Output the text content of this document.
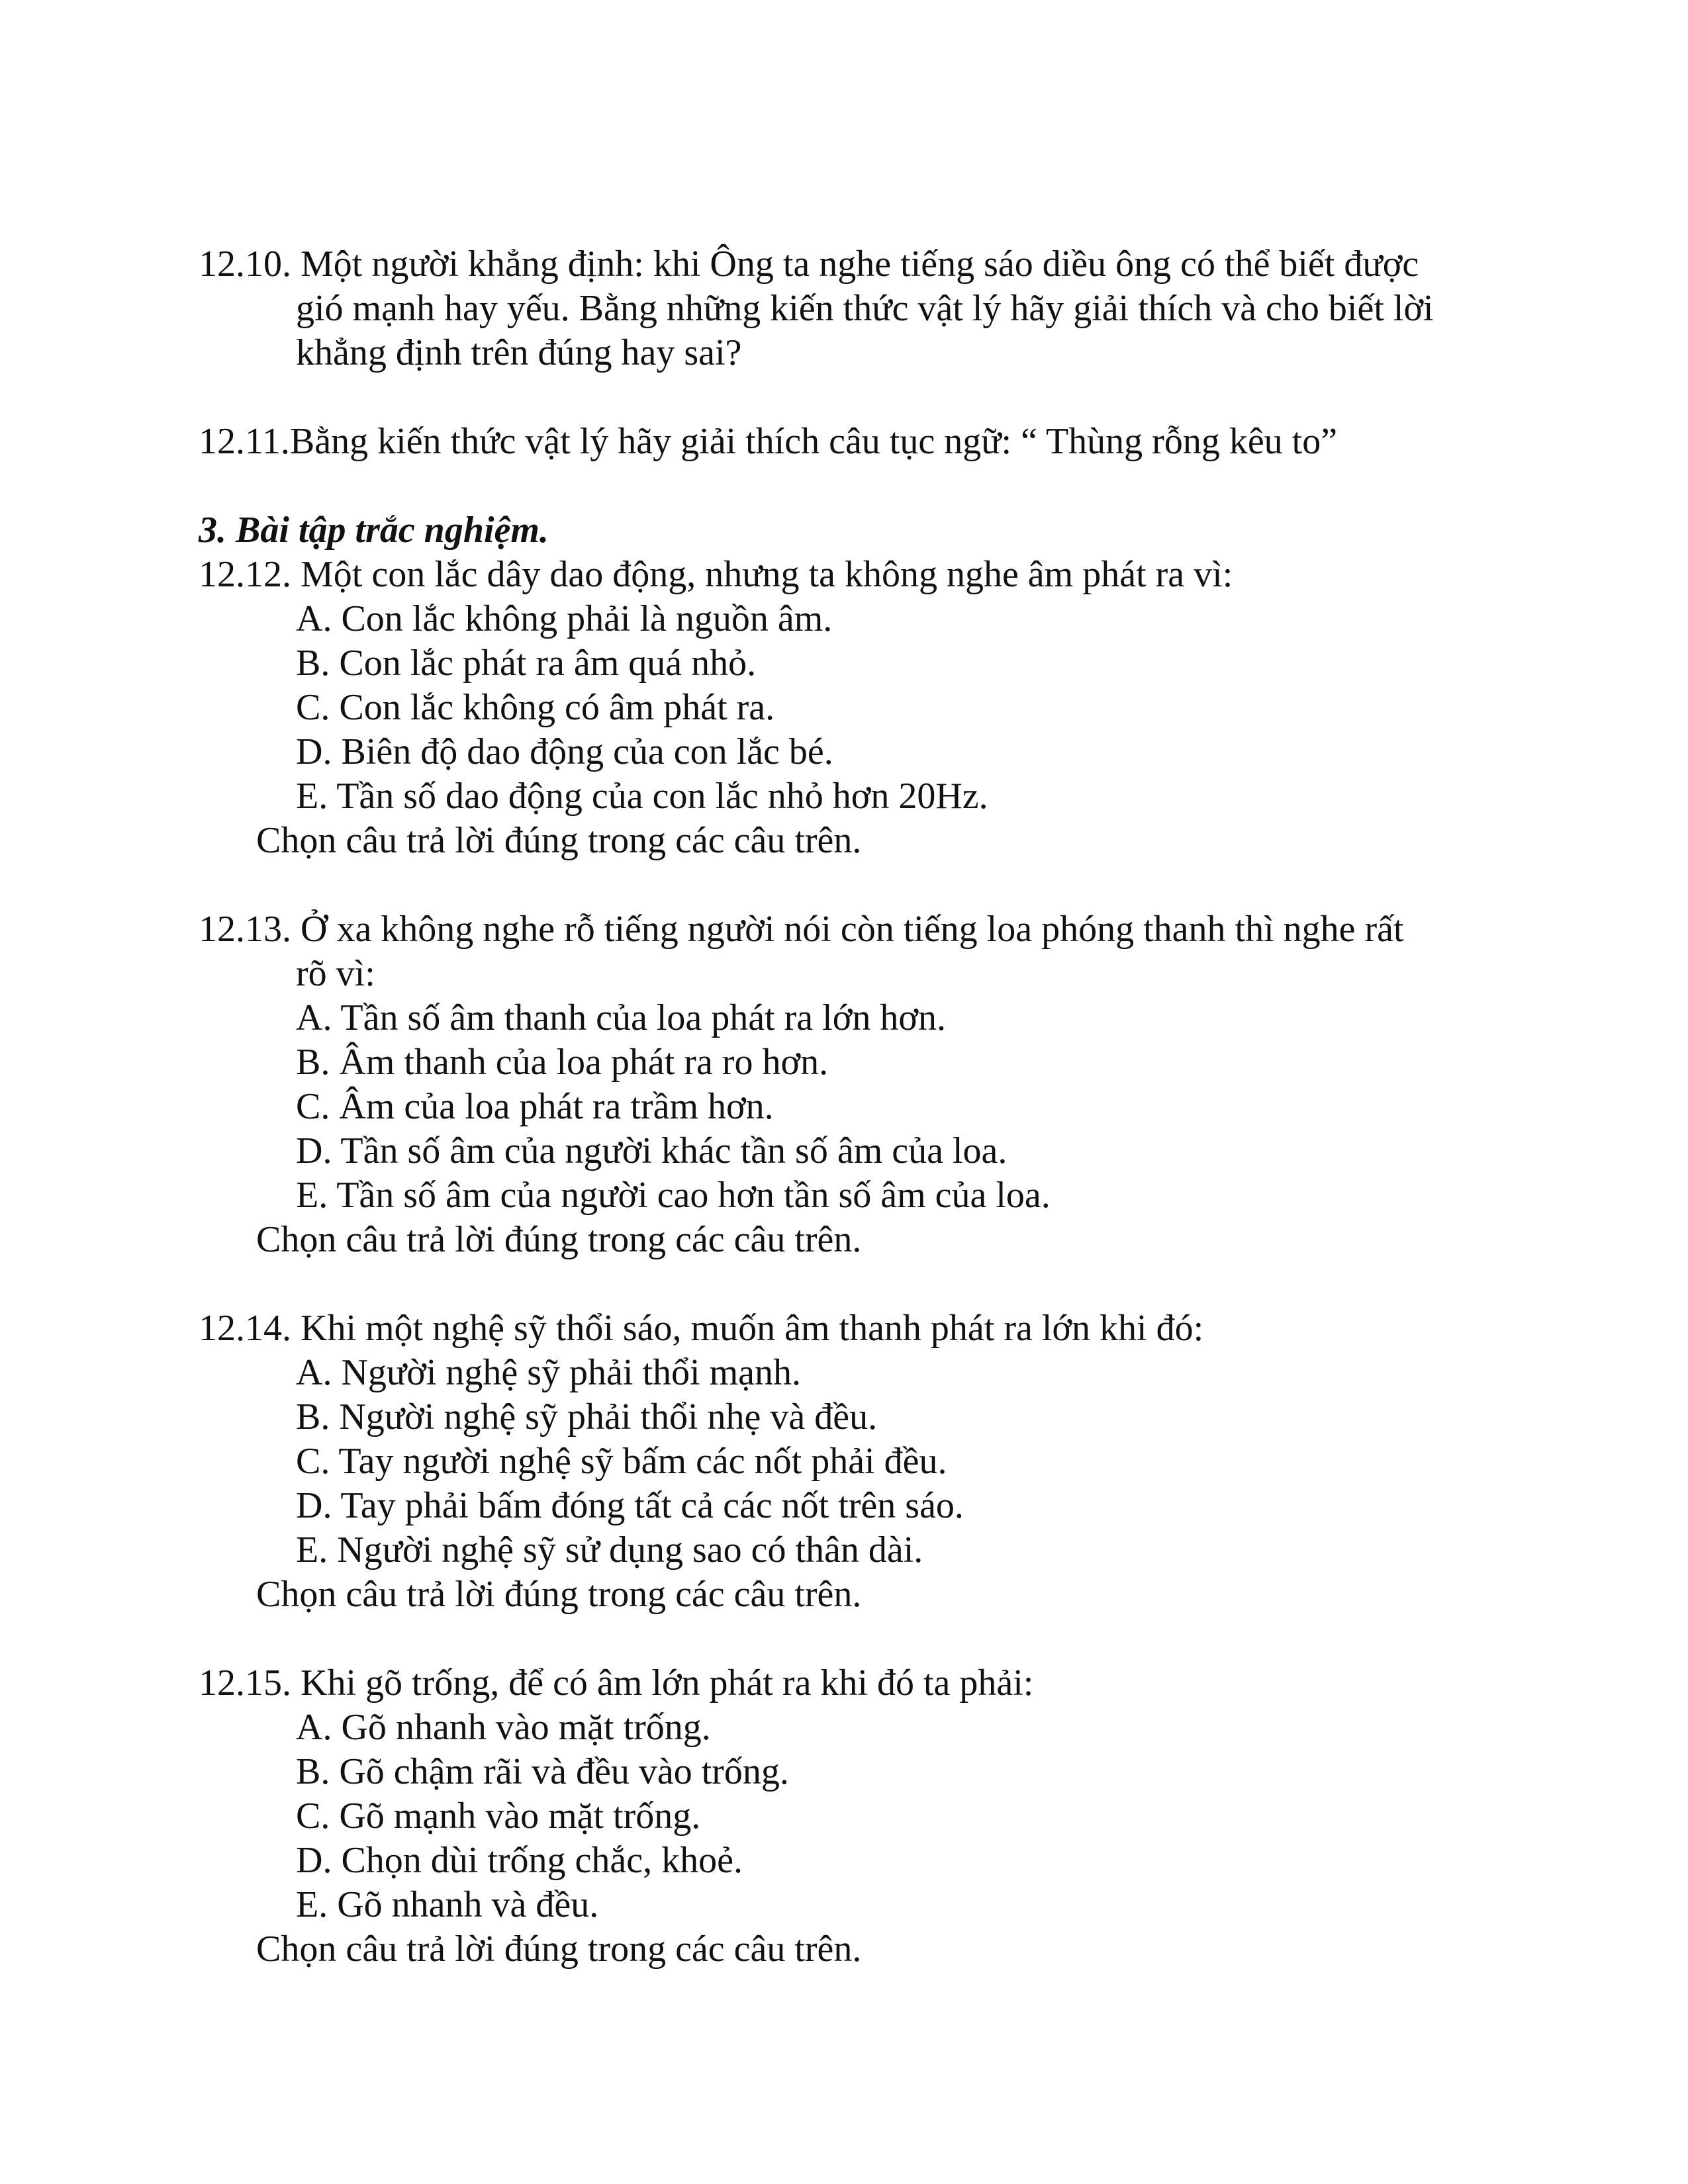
12.10. Một người khẳng định: khi Ông ta nghe tiếng sáo diều ông có thể biết được
gió mạnh hay yếu. Bằng những kiến thức vật lý hãy giải thích và cho biết lời
khẳng định trên đúng hay sai?
12.11.Bằng kiến thức vật lý hãy giải thích câu tục ngữ: “ Thùng rỗng kêu to”
3. Bài tập trắc nghiệm.
12.12. Một con lắc dây dao động, nhưng ta không nghe âm phát ra vì:
A. Con lắc không phải là nguồn âm.
B. Con lắc phát ra âm quá nhỏ.
C. Con lắc không có âm phát ra.
D. Biên độ dao động của con lắc bé.
E. Tần số dao động của con lắc nhỏ hơn 20Hz.
Chọn câu trả lời đúng trong các câu trên.
12.13. Ở xa không nghe rỗ tiếng người nói còn tiếng loa phóng thanh thì nghe rất
rõ vì:
A. Tần số âm thanh của loa phát ra lớn hơn.
B. Âm thanh của loa phát ra ro hơn.
C. Âm của loa phát ra trầm hơn.
D. Tần số âm của người khác tần số âm của loa.
E. Tần số âm của người cao hơn tần số âm của loa.
Chọn câu trả lời đúng trong các câu trên.
12.14. Khi một nghệ sỹ thổi sáo, muốn âm thanh phát ra lớn khi đó:
A. Người nghệ sỹ phải thổi mạnh.
B. Người nghệ sỹ phải thổi nhẹ và đều.
C. Tay người nghệ sỹ bấm các nốt phải đều.
D. Tay phải bấm đóng tất cả các nốt trên sáo.
E. Người nghệ sỹ sử dụng sao có thân dài.
Chọn câu trả lời đúng trong các câu trên.
12.15. Khi gõ trống, để có âm lớn phát ra khi đó ta phải:
A. Gõ nhanh vào mặt trống.
B. Gõ chậm rãi và đều vào trống.
C. Gõ mạnh vào mặt trống.
D. Chọn dùi trống chắc, khoẻ.
E. Gõ nhanh và đều.
Chọn câu trả lời đúng trong các câu trên.
